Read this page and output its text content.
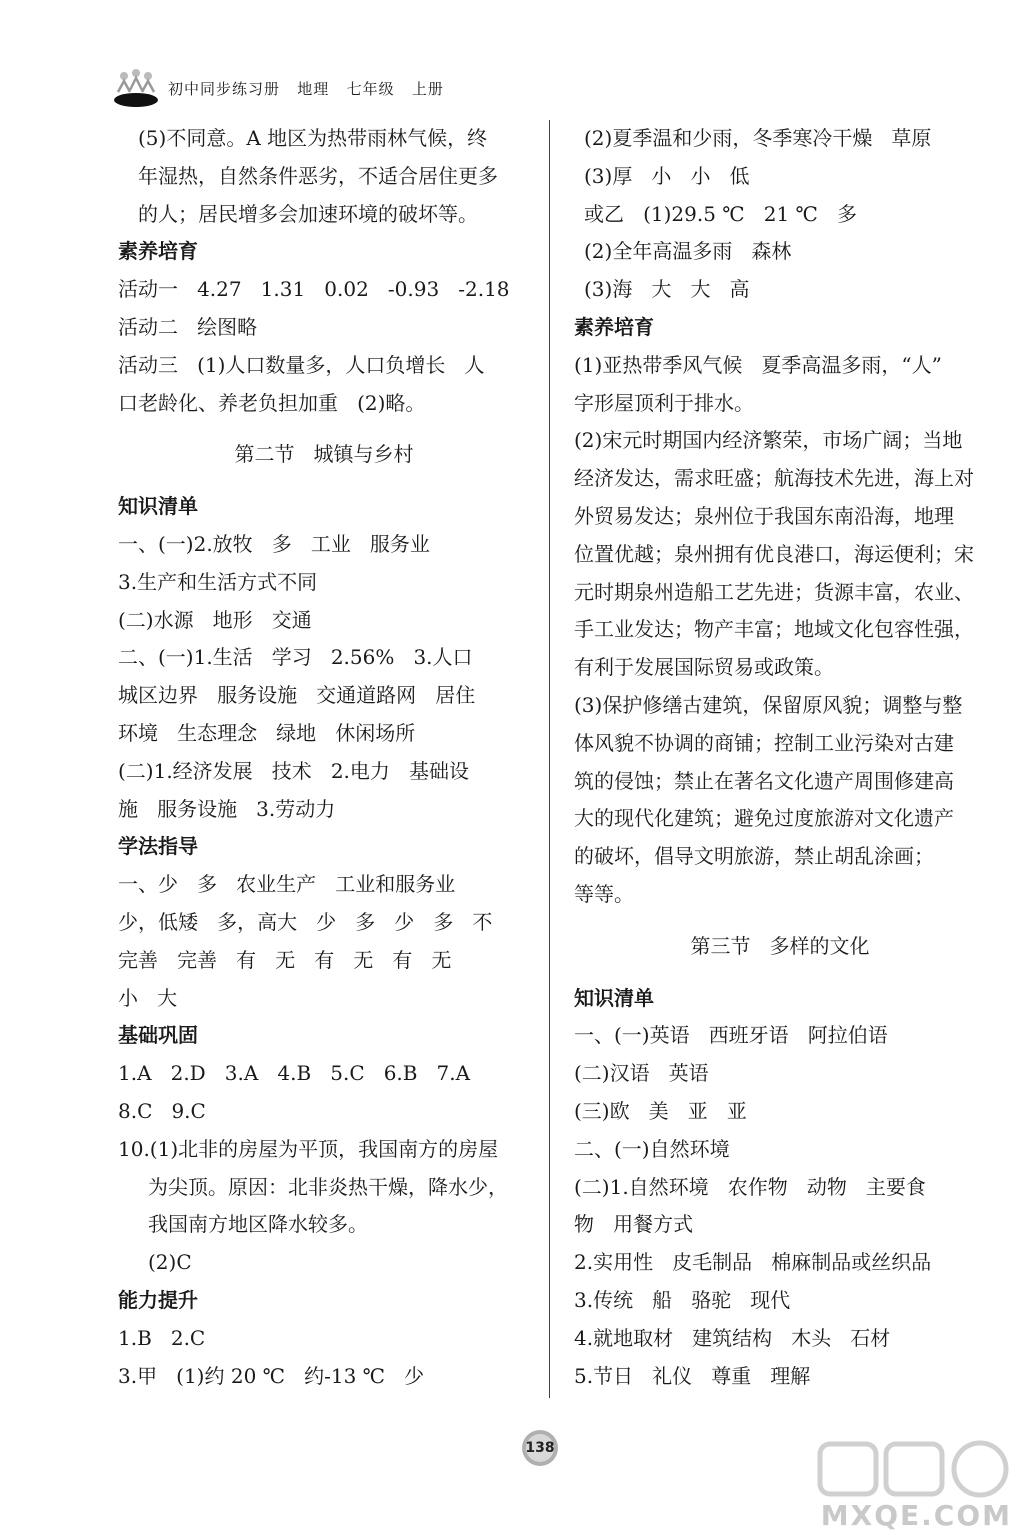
初中同步练习册   地理   七年级   上册
(5)不同意。A 地区为热带雨林气候，终
年湿热，自然条件恶劣，不适合居住更多
的人；居民增多会加速环境的破坏等。
素养培育
活动一   4.27   1.31   0.02   -0.93   -2.18
活动二   绘图略
活动三   (1)人口数量多，人口负增长   人
口老龄化、养老负担加重   (2)略。
第二节   城镇与乡村
知识清单
一、(一)2.放牧   多   工业   服务业
3.生产和生活方式不同
(二)水源   地形   交通
二、(一)1.生活   学习   2.56%   3.人口
城区边界   服务设施   交通道路网   居住
环境   生态理念   绿地   休闲场所
(二)1.经济发展   技术   2.电力   基础设
施   服务设施   3.劳动力
学法指导
一、少   多   农业生产   工业和服务业
少，低矮   多，高大   少   多   少   多   不
完善   完善   有   无   有   无   有   无
小   大
基础巩固
1.A   2.D   3.A   4.B   5.C   6.B   7.A
8.C   9.C
10.(1)北非的房屋为平顶，我国南方的房屋
为尖顶。原因：北非炎热干燥，降水少，
我国南方地区降水较多。
(2)C
能力提升
1.B   2.C
3.甲   (1)约 20 ℃   约-13 ℃   少
(2)夏季温和少雨，冬季寒冷干燥   草原
(3)厚   小   小   低
或乙   (1)29.5 ℃   21 ℃   多
(2)全年高温多雨   森林
(3)海   大   大   高
素养培育
(1)亚热带季风气候   夏季高温多雨，“人”
字形屋顶利于排水。
(2)宋元时期国内经济繁荣，市场广阔；当地
经济发达，需求旺盛；航海技术先进，海上对
外贸易发达；泉州位于我国东南沿海，地理
位置优越；泉州拥有优良港口，海运便利；宋
元时期泉州造船工艺先进；货源丰富，农业、
手工业发达；物产丰富；地域文化包容性强，
有利于发展国际贸易或政策。
(3)保护修缮古建筑，保留原风貌；调整与整
体风貌不协调的商铺；控制工业污染对古建
筑的侵蚀；禁止在著名文化遗产周围修建高
大的现代化建筑；避免过度旅游对文化遗产
的破坏，倡导文明旅游，禁止胡乱涂画；
等等。
第三节   多样的文化
知识清单
一、(一)英语   西班牙语   阿拉伯语
(二)汉语   英语
(三)欧   美   亚   亚
二、(一)自然环境
(二)1.自然环境   农作物   动物   主要食
物   用餐方式
2.实用性   皮毛制品   棉麻制品或丝织品
3.传统   船   骆驼   现代
4.就地取材   建筑结构   木头   石材
5.节日   礼仪   尊重   理解
138
MXQE.COM
